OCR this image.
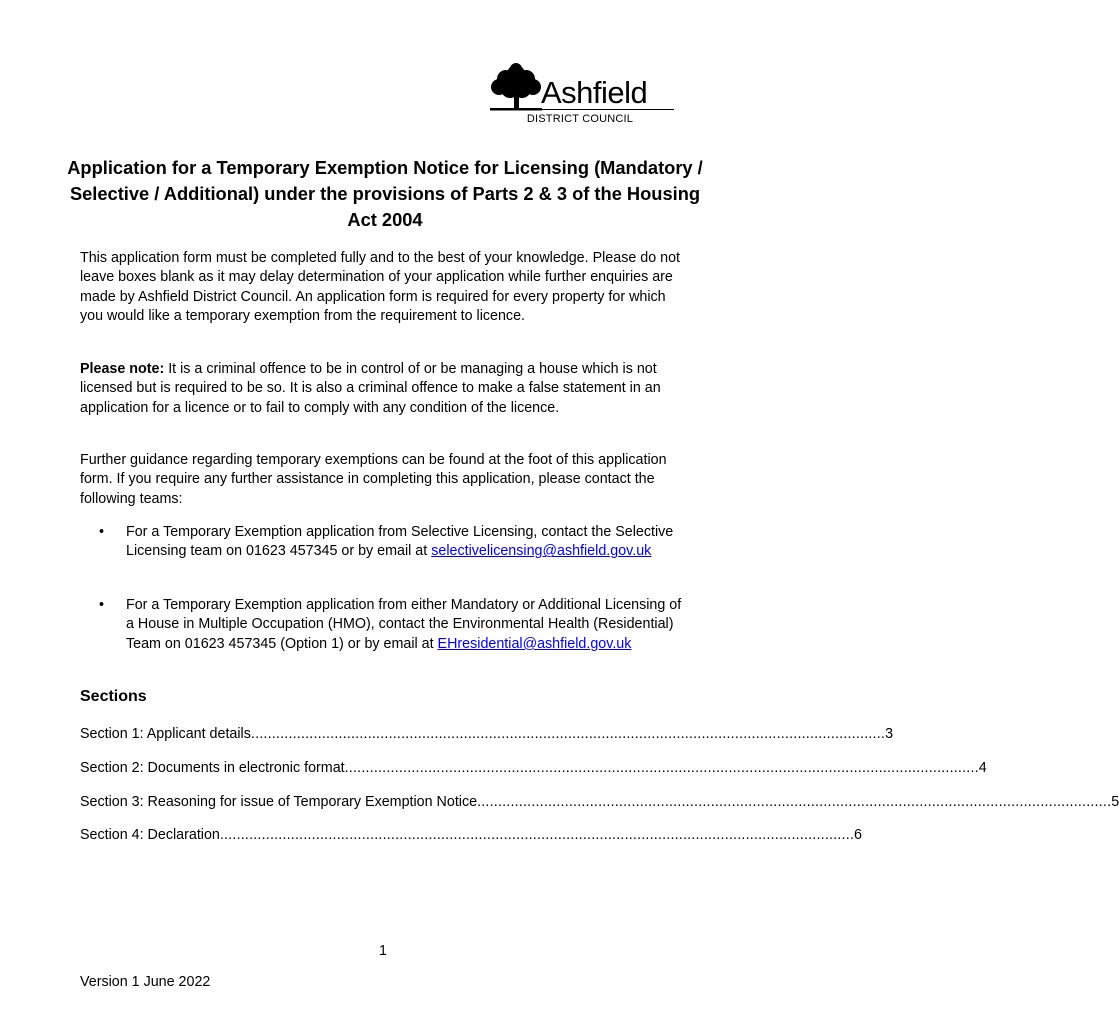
Ashfield
DISTRICT COUNCIL
Application for a Temporary Exemption Notice for Licensing (Mandatory / Selective / Additional) under the provisions of Parts 2 & 3 of the Housing Act 2004

This application form must be completed fully and to the best of your knowledge. Please do not leave boxes blank as it may delay determination of your application while further enquiries are made by Ashfield District Council. An application form is required for every property for which you would like a temporary exemption from the requirement to licence.

Please note: It is a criminal offence to be in control of or be managing a house which is not licensed but is required to be so. It is also a criminal offence to make a false statement in an application for a licence or to fail to comply with any condition of the licence.

Further guidance regarding temporary exemptions can be found at the foot of this application form. If you require any further assistance in completing this application, please contact the following teams:

• For a Temporary Exemption application from Selective Licensing, contact the Selective Licensing team on 01623 457345 or by email at selectivelicensing@ashfield.gov.uk

• For a Temporary Exemption application from either Mandatory or Additional Licensing of a House in Multiple Occupation (HMO), contact the Environmental Health (Residential) Team on 01623 457345 (Option 1) or by email at EHresidential@ashfield.gov.uk

Sections
Section 1: Applicant details ........................................................................................................................................................ 3
Section 2: Documents in electronic format ........................................................................................................................................................ 4
Section 3: Reasoning for issue of Temporary Exemption Notice ........................................................................................................................................................ 5
Section 4: Declaration ........................................................................................................................................................ 6
1
Version 1 June 2022
